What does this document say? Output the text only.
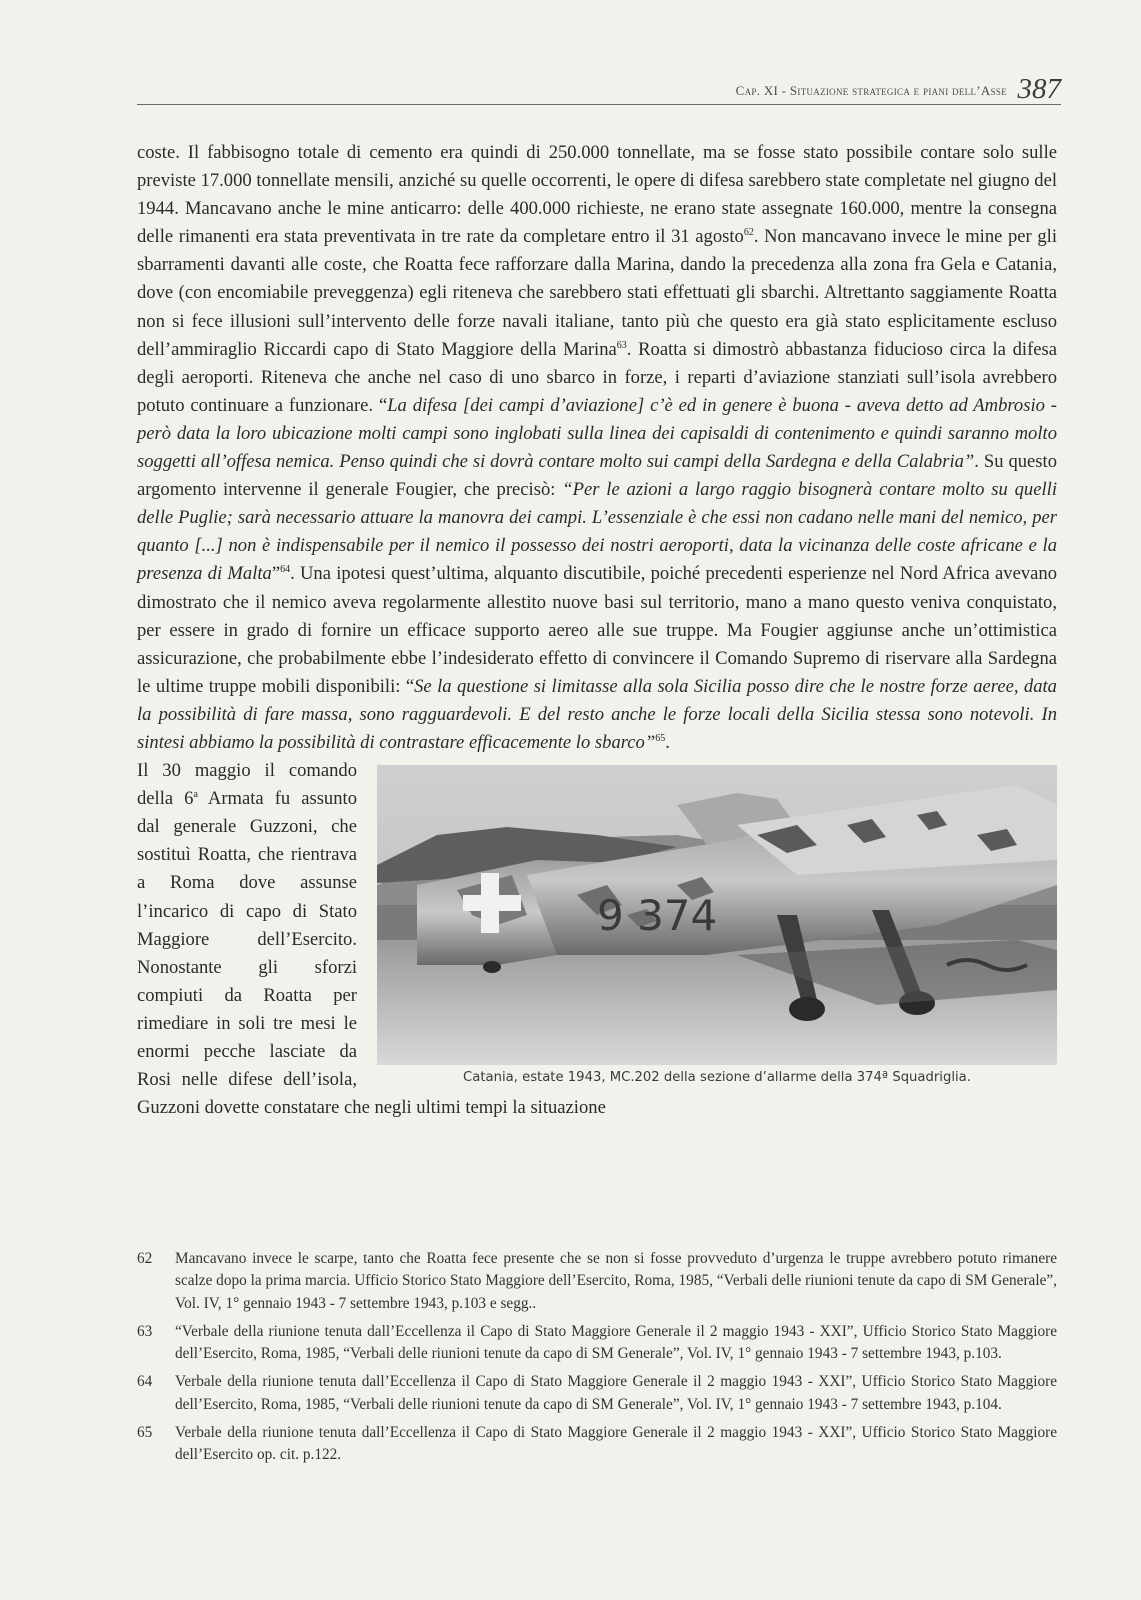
Cap. XI - Situazione strategica e piani dell’Asse 387

coste. Il fabbisogno totale di cemento era quindi di 250.000 tonnellate, ma se fosse stato possibile contare solo sulle previste 17.000 tonnellate mensili, anziché su quelle occorrenti, le opere di difesa sarebbero state completate nel giugno del 1944. Mancavano anche le mine anticarro: delle 400.000 richieste, ne erano state assegnate 160.000, mentre la consegna delle rimanenti era stata preventivata in tre rate da completare entro il 31 agosto$^{62}$. Non mancavano invece le mine per gli sbarramenti davanti alle coste, che Roatta fece rafforzare dalla Marina, dando la precedenza alla zona fra Gela e Catania, dove (con encomiabile preveggenza) egli riteneva che sarebbero stati effettuati gli sbarchi. Altrettanto saggiamente Roatta non si fece illusioni sull’intervento delle forze navali italiane, tanto più che questo era già stato esplicitamente escluso dell’ammiraglio Riccardi capo di Stato Maggiore della Marina$^{63}$. Roatta si dimostrò abbastanza fiducioso circa la difesa degli aeroporti. Riteneva che anche nel caso di uno sbarco in forze, i reparti d’aviazione stanziati sull’isola avrebbero potuto continuare a funzionare. “La difesa [dei campi d’aviazione] c’è ed in genere è buona - aveva detto ad Ambrosio - però data la loro ubicazione molti campi sono inglobati sulla linea dei capisaldi di contenimento e quindi saranno molto soggetti all’offesa nemica. Penso quindi che si dovrà contare molto sui campi della Sardegna e della Calabria”. Su questo argomento intervenne il generale Fougier, che precisò: “Per le azioni a largo raggio bisognerà contare molto su quelli delle Puglie; sarà necessario attuare la manovra dei campi. L’essenziale è che essi non cadano nelle mani del nemico, per quanto [...] non è indispensabile per il nemico il possesso dei nostri aeroporti, data la vicinanza delle coste africane e la presenza di Malta”$^{64}$. Una ipotesi quest’ultima, alquanto discutibile, poiché precedenti esperienze nel Nord Africa avevano dimostrato che il nemico aveva regolarmente allestito nuove basi sul territorio, mano a mano questo veniva conquistato, per essere in grado di fornire un efficace supporto aereo alle sue truppe. Ma Fougier aggiunse anche un’ottimistica assicurazione, che probabilmente ebbe l’indesiderato effetto di convincere il Comando Supremo di riservare alla Sardegna le ultime truppe mobili disponibili: “Se la questione si limitasse alla sola Sicilia posso dire che le nostre forze aeree, data la possibilità di fare massa, sono ragguardevoli. E del resto anche le forze locali della Sicilia stessa sono notevoli. In sintesi abbiamo la possibilità di contrastare efficacemente lo sbarco”$^{65}$.

9 374
Catania, estate 1943, MC.202 della sezione d’allarme della 374ª Squadriglia.
Il 30 maggio il comando della 6$^a$ Armata fu assunto dal generale Guzzoni, che sostituì Roatta, che rientrava a Roma dove assunse l’incarico di capo di Stato Maggiore dell’Esercito. Nonostante gli sforzi compiuti da Roatta per rimediare in soli tre mesi le enormi pecche lasciate da Rosi nelle difese dell’isola, Guzzoni dovette constatare che negli ultimi tempi la situazione

62	Mancavano invece le scarpe, tanto che Roatta fece presente che se non si fosse provveduto d’urgenza le truppe avrebbero potuto rimanere scalze dopo la prima marcia. Ufficio Storico Stato Maggiore dell’Esercito, Roma, 1985, “Verbali delle riunioni tenute da capo di SM Generale”, Vol. IV, 1° gennaio 1943 - 7 settembre 1943, p.103 e segg..
63	“Verbale della riunione tenuta dall’Eccellenza il Capo di Stato Maggiore Generale il 2 maggio 1943 - XXI”, Ufficio Storico Stato Maggiore dell’Esercito, Roma, 1985, “Verbali delle riunioni tenute da capo di SM Generale”, Vol. IV, 1° gennaio 1943 - 7 settembre 1943, p.103.
64	Verbale della riunione tenuta dall’Eccellenza il Capo di Stato Maggiore Generale il 2 maggio 1943 - XXI”, Ufficio Storico Stato Maggiore dell’Esercito, Roma, 1985, “Verbali delle riunioni tenute da capo di SM Generale”, Vol. IV, 1° gennaio 1943 - 7 settembre 1943, p.104.
65	Verbale della riunione tenuta dall’Eccellenza il Capo di Stato Maggiore Generale il 2 maggio 1943 - XXI”, Ufficio Storico Stato Maggiore dell’Esercito op. cit. p.122.
